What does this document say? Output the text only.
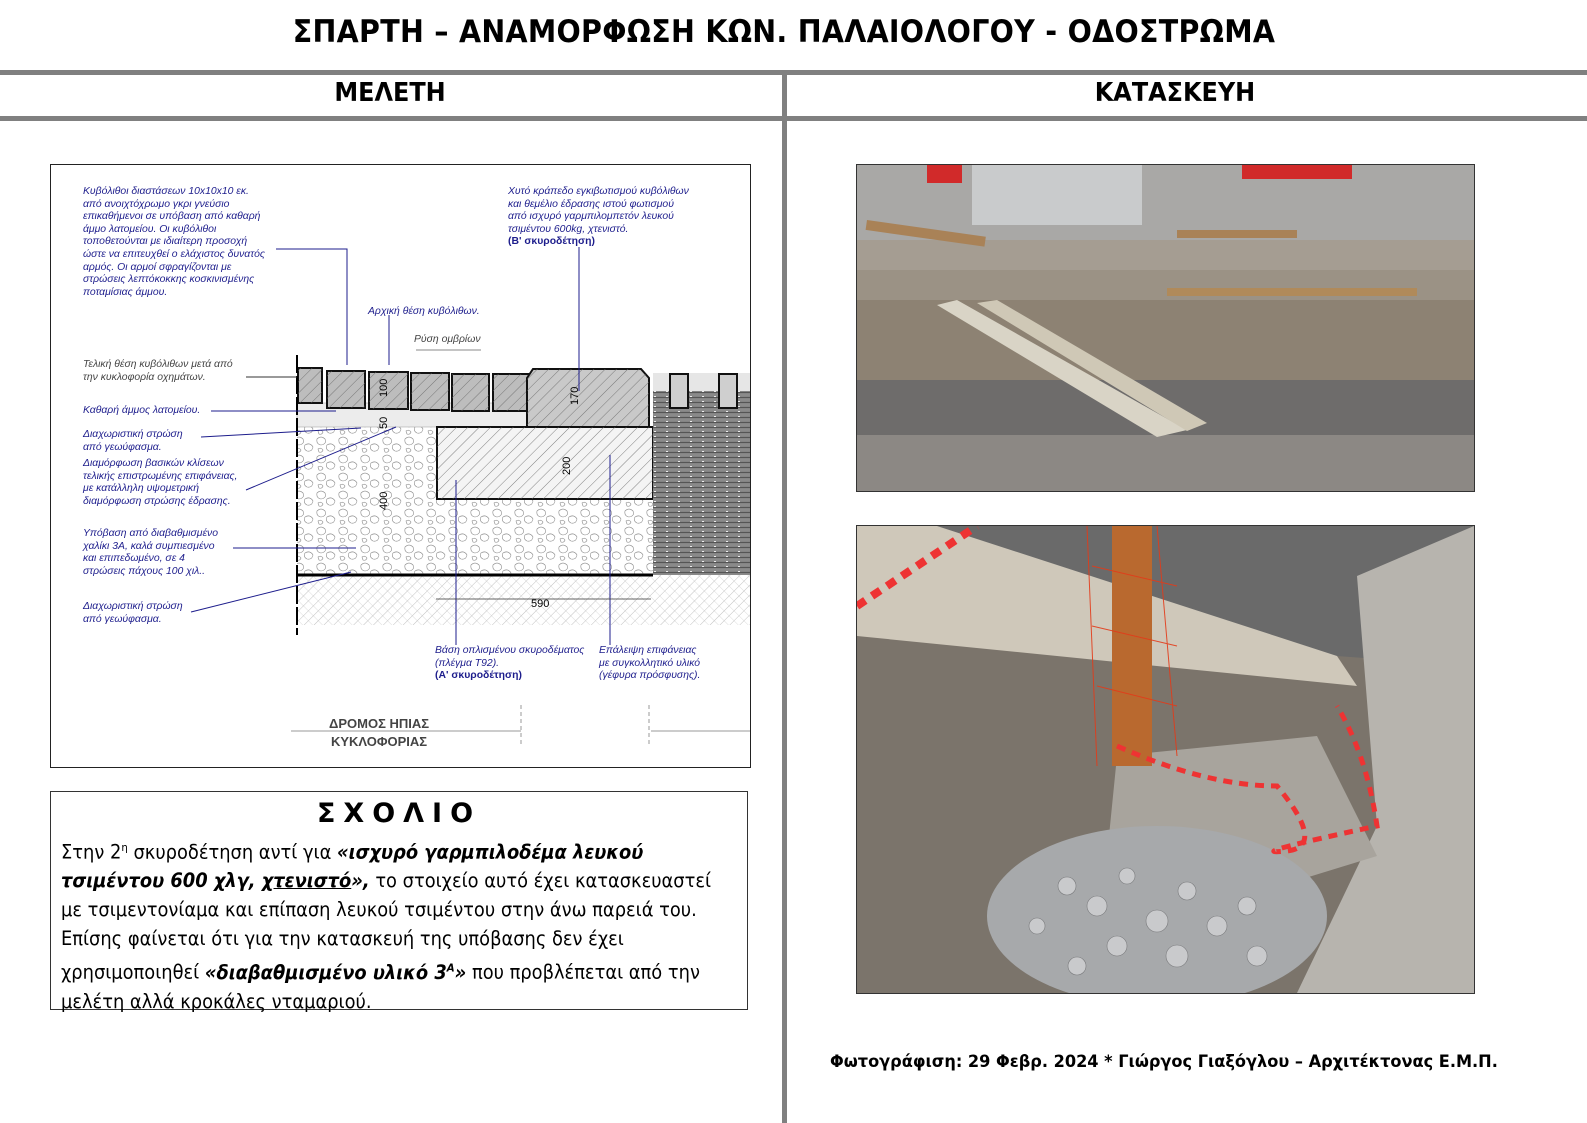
ΣΠΑΡΤΗ – ΑΝΑΜΟΡΦΩΣΗ ΚΩΝ. ΠΑΛΑΙΟΛΟΓΟΥ - ΟΔΟΣΤΡΩΜΑ
ΜΕΛΕΤΗ	ΚΑΤΑΣΚΕΥΗ
100
50
400
170
200
590
Κυβόλιθοι διαστάσεων 10x10x10 εκ.
από ανοιχτόχρωμο γκρι γνεύσιο
επικαθήμενοι σε υπόβαση από καθαρή
άμμο λατομείου. Οι κυβόλιθοι
τοποθετούνται με ιδιαίτερη προσοχή
ώστε να επιτευχθεί ο ελάχιστος δυνατός
αρμός. Οι αρμοί σφραγίζονται με
στρώσεις λεπτόκοκκης κοσκινισμένης
ποταμίσιας άμμου.
Χυτό κράπεδο εγκιβωτισμού κυβόλιθων
και θεμέλιο έδρασης ιστού φωτισμού
από ισχυρό γαρμπιλομπετόν λευκού
τσιμέντου 600kg, χτενιστό.
(Β' σκυροδέτηση)
Αρχική θέση κυβόλιθων.
Ρύση ομβρίων
Τελική θέση κυβόλιθων μετά από
την κυκλοφορία οχημάτων.
Καθαρή άμμος λατομείου.
Διαχωριστική στρώση
από γεωύφασμα.
Διαμόρφωση βασικών κλίσεων
τελικής επιστρωμένης επιφάνειας,
με κατάλληλη υψομετρική
διαμόρφωση στρώσης έδρασης.
Υπόβαση από διαβαθμισμένο
χαλίκι 3Α, καλά συμπιεσμένο
και επιπεδωμένο, σε 4
στρώσεις πάχους 100 χιλ..
Διαχωριστική στρώση
από γεωύφασμα.
Βάση οπλισμένου σκυροδέματος
(πλέγμα Τ92).
(Α' σκυροδέτηση)
Επάλειψη επιφάνειας
με συγκολλητικό υλικό
(γέφυρα πρόσφυσης).
ΔΡΟΜΟΣ ΗΠΙΑΣ
ΚΥΚΛΟΦΟΡΙΑΣ
ΣΧΟΛΙΟ
Στην $2^\eta$ σκυροδέτηση αντί για «ισχυρό γαρμπιλοδέμα λευκού τσιμέντου 600 χλγ, χτενιστό», το στοιχείο αυτό έχει κατασκευαστεί με τσιμεντονίαμα και επίπαση λευκού τσιμέντου στην άνω παρειά του. Επίσης φαίνεται ότι για την κατασκευή της υπόβασης δεν έχει χρησιμοποιηθεί «διαβαθμισμένο υλικό $3^A$» που προβλέπεται από την μελέτη αλλά κροκάλες νταμαριού.
Φωτογράφιση: 29 Φεβρ. 2024 * Γιώργος Γιαξόγλου – Αρχιτέκτονας Ε.Μ.Π.
